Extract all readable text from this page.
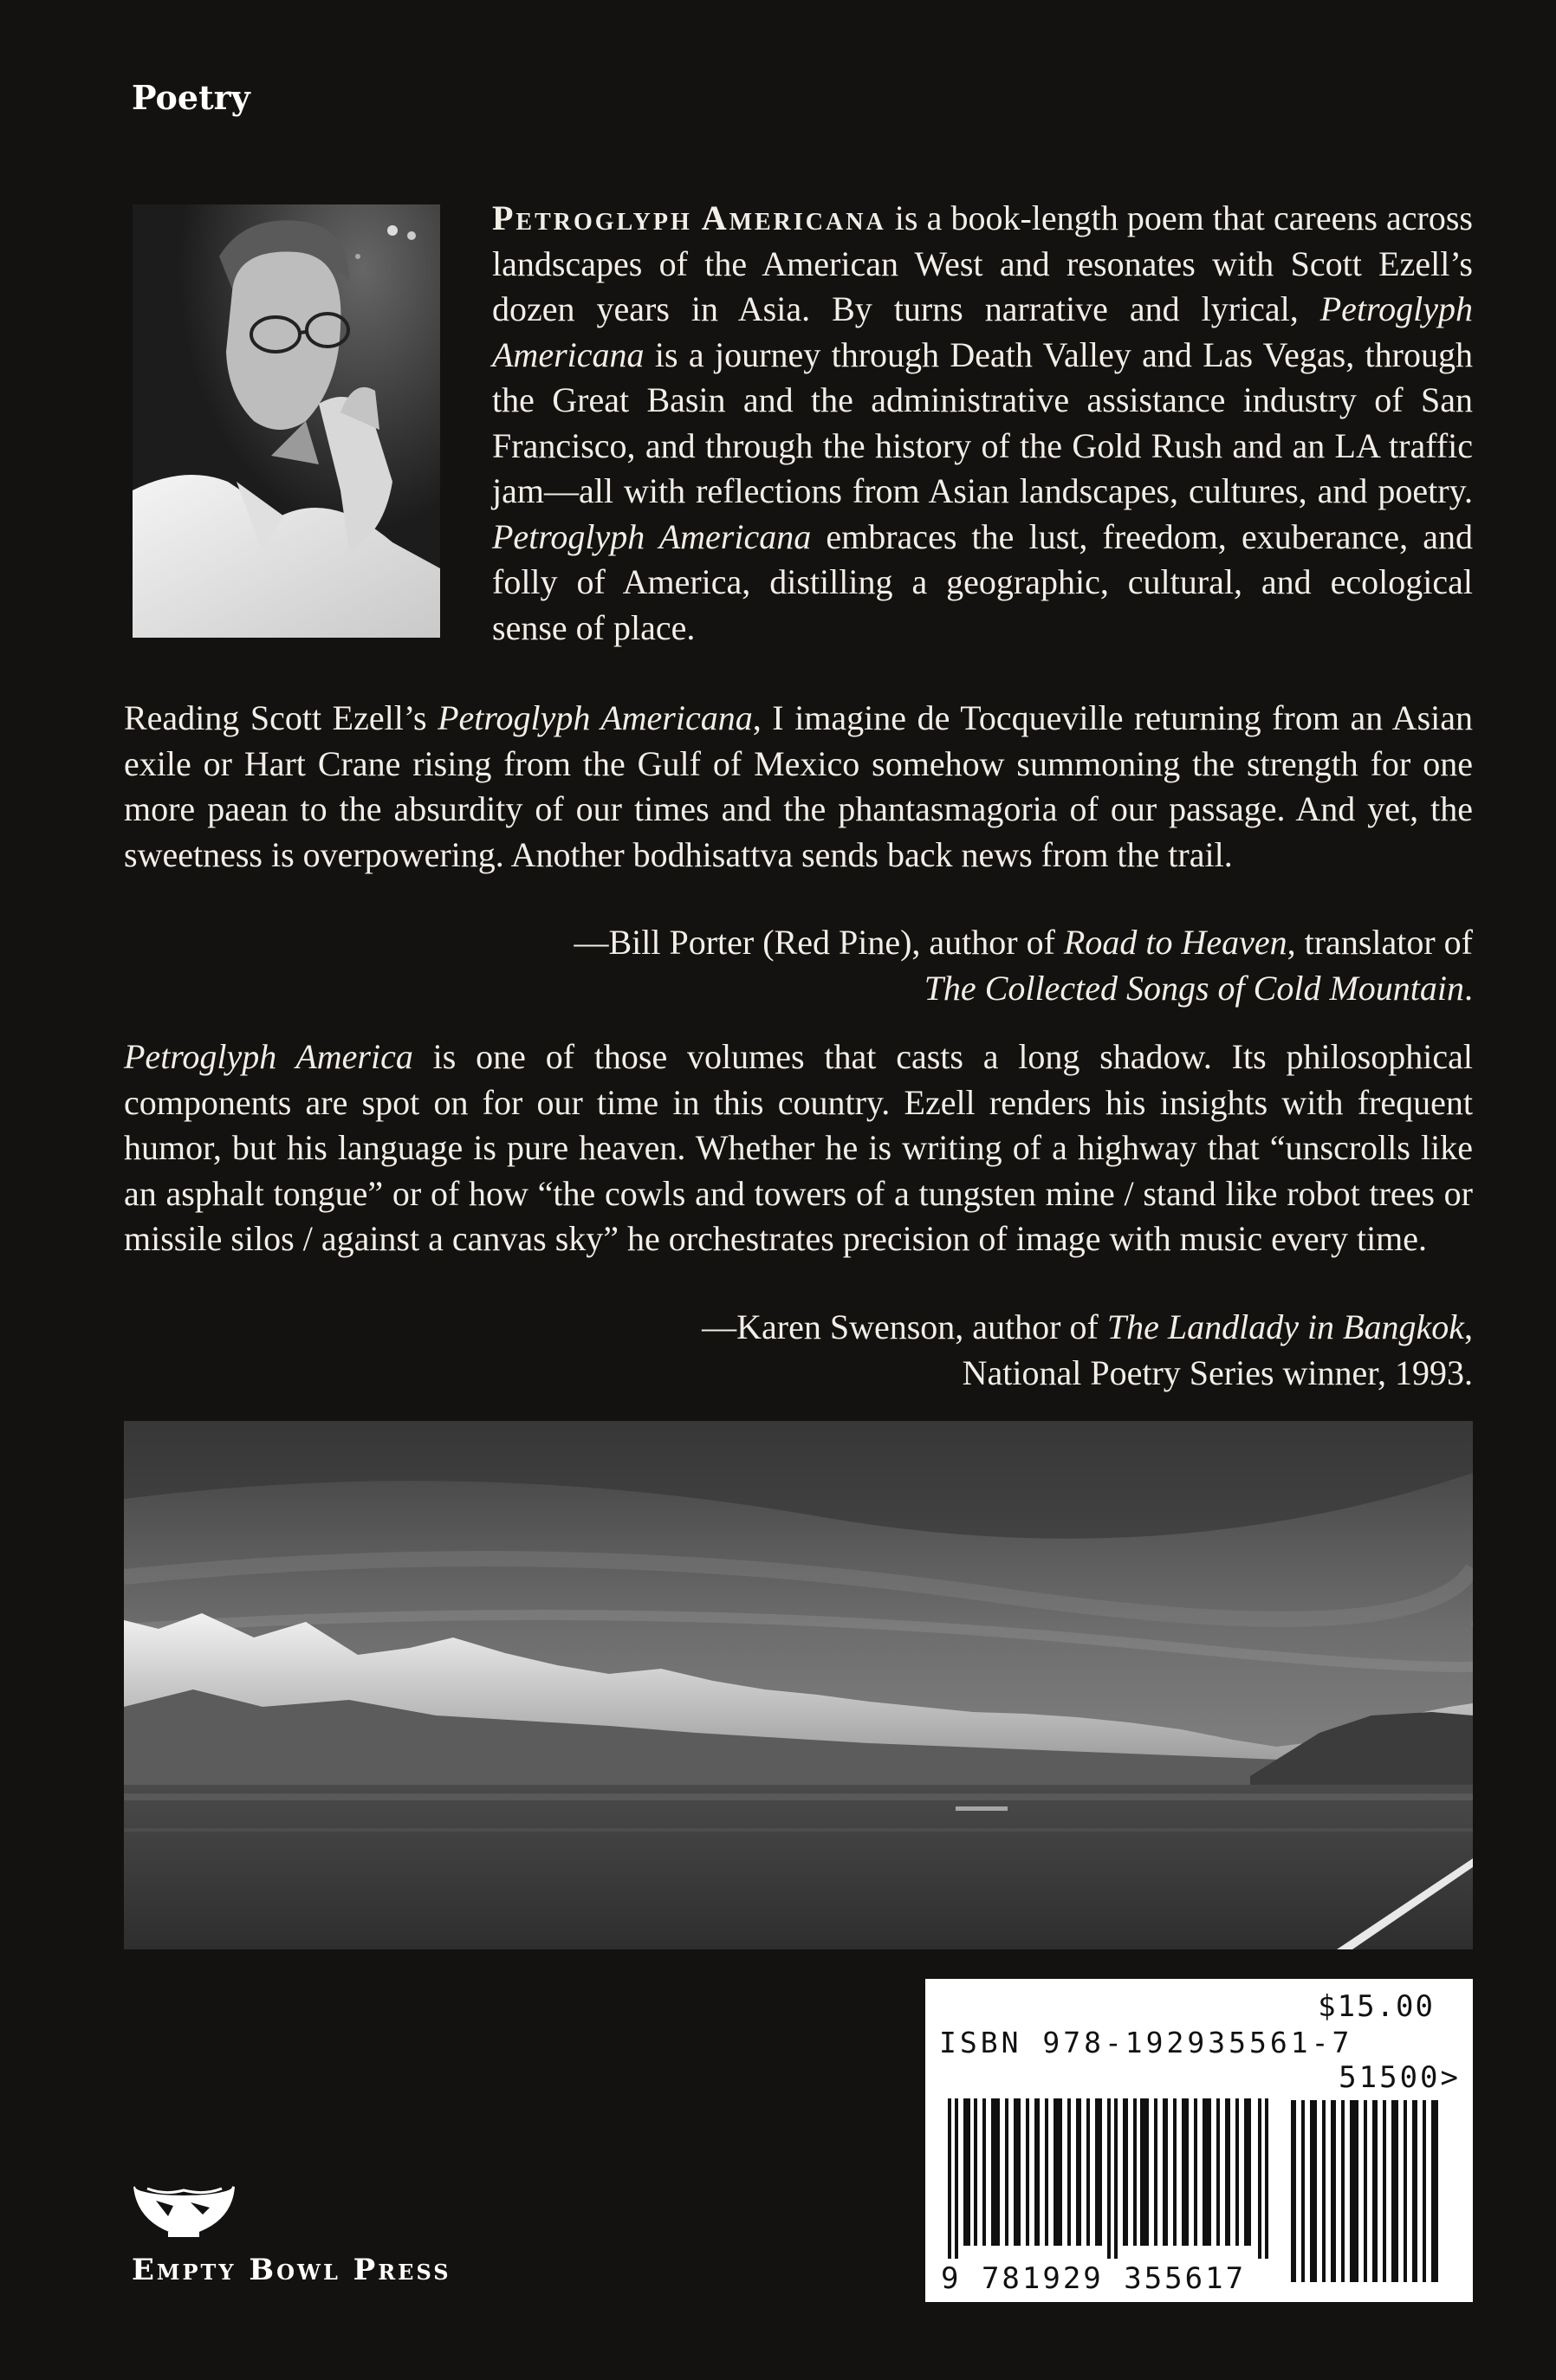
Poetry
Petroglyph Americana is a book-length poem that careens across landscapes of the American West and resonates with Scott Ezell’s dozen years in Asia. By turns narrative and lyrical, Petroglyph Americana is a journey through Death Valley and Las Vegas, through the Great Basin and the administrative assistance industry of San Francisco, and through the history of the Gold Rush and an LA traffic jam—all with reflections from Asian landscapes, cultures, and poetry. Petroglyph Americana embraces the lust, freedom, exuberance, and folly of America, distilling a geographic, cultural, and ecological sense of place.
Reading Scott Ezell’s Petroglyph Americana, I imagine de Tocqueville returning from an Asian exile or Hart Crane rising from the Gulf of Mexico somehow summoning the strength for one more paean to the absurdity of our times and the phantasmagoria of our passage. And yet, the sweetness is overpowering. Another bodhisattva sends back news from the trail.
—Bill Porter (Red Pine), author of Road to Heaven, translator of
The Collected Songs of Cold Mountain.
Petroglyph America is one of those volumes that casts a long shadow. Its philosophical components are spot on for our time in this country. Ezell renders his insights with frequent humor, but his language is pure heaven. Whether he is writing of a highway that “unscrolls like an asphalt tongue” or of how “the cowls and towers of a tungsten mine / stand like robot trees or missile silos / against a canvas sky” he orchestrates precision of image with music every time.
—Karen Swenson, author of The Landlady in Bangkok,
National Poetry Series winner, 1993.
$15.00
ISBN 978-192935561-7
51500>
9 781929 355617
Empty Bowl Press
